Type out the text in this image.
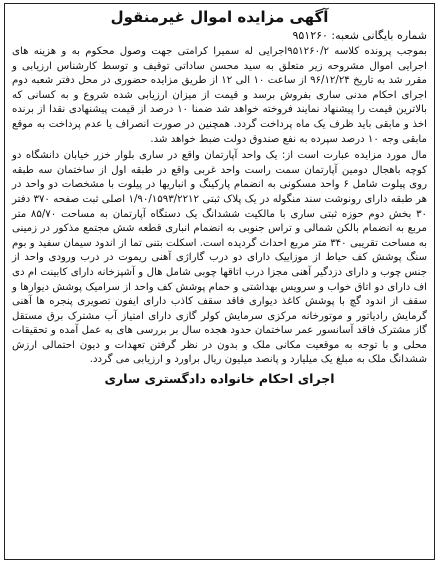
آگهی مزایده اموال غیرمنقول
شماره بایگانی شعبه: ۹۵۱۲۶۰

بموجب پرونده کلاسه ۹۵۱۲۶۰/۲اجرایی له سمیرا کرامتی جهت وصول محکوم به و هزینه های اجرایی اموال مشروحه زیر متعلق به سید محسن ساداتی توقیف و توسط کارشناس ارزیابی و مقرر شد به تاریخ ۹۶/۱۲/۲۴ از ساعت ۱۰ الی ۱۲ از طریق مزایده حضوری در محل دفتر شعبه دوم اجرای احکام مدنی ساری بفروش برسد و قیمت از میزان ارزیابی شده شروع و به کسانی که بالاترین قیمت را پیشنهاد نمایند فروخته خواهد شد ضمنا ۱۰ درصد از قیمت پیشنهادی نقدا از برنده اخذ و مابقی باید ظرف یک ماه پرداخت گردد. همچنین در صورت انصراف یا عدم پرداخت به موقع مابقی وجه ۱۰ درصد سپرده به نفع صندوق دولت ضبط خواهد شد.

مال مورد مزایده عبارت است از: یک واحد آپارتمان واقع در ساری بلوار خزر خیابان دانشگاه دو کوچه باهجال دومین آپارتمان سمت راست واحد غربی واقع در طبقه اول از ساختمان سه طبقه روی پیلوت شامل ۶ واحد مسکونی به انضمام پارکینگ و انباریها در پیلوت با مشخصات دو واحد در هر طبقه دارای رونوشت سند منگوله در یک پلاک ثبتی ۱/۹۰/۱۵۹۳/۲۲۱۲ اصلی ثبت صفحه ۳۷۰ دفتر ۳۰ بخش دوم حوزه ثبتی ساری با مالکیت ششدانگ یک دستگاه آپارتمان به مساحت ۸۵/۷۰ متر مربع به انضمام بالکن شمالی و تراس جنوبی به انضمام انباری قطعه شش مجتمع مذکور در زمینی به مساحت تقریبی ۳۴۰ متر مربع احداث گردیده است. اسکلت بتنی تما از اندود سیمان سفید و بوم سنگ پوشش کف حیاط از موزاییک دارای دو درب گاراژی آهنی ریموت در درب ورودی واحد از جنس چوب و دارای دزدگیر آهنی مجزا درب اتاقها چوبی شامل هال و آشپزخانه دارای کابینت ام دی اف دارای دو اتاق خواب و سرویس بهداشتی و حمام پوشش کف واحد از سرامیک پوشش دیوارها و سقف از اندود گچ با پوشش کاغذ دیواری فاقد سقف کاذب دارای ایفون تصویری پنجره ها آهنی گرمایش رادیاتور و موتورخانه مرکزی سرمایش کولر گازی دارای امتیاز آب مشترک برق مستقل گاز مشترک فاقد آسانسور عمر ساختمان حدود هجده سال بر بررسی های به عمل آمده و تحقیقات محلی و با توجه به موقعیت مکانی ملک و بدون در نظر گرفتن تعهدات و دیون احتمالی ارزش ششدانگ ملک به مبلغ یک میلیارد و پانصد میلیون ریال براورد و ارزیابی می گردد.

اجرای احکام خانواده دادگستری ساری
